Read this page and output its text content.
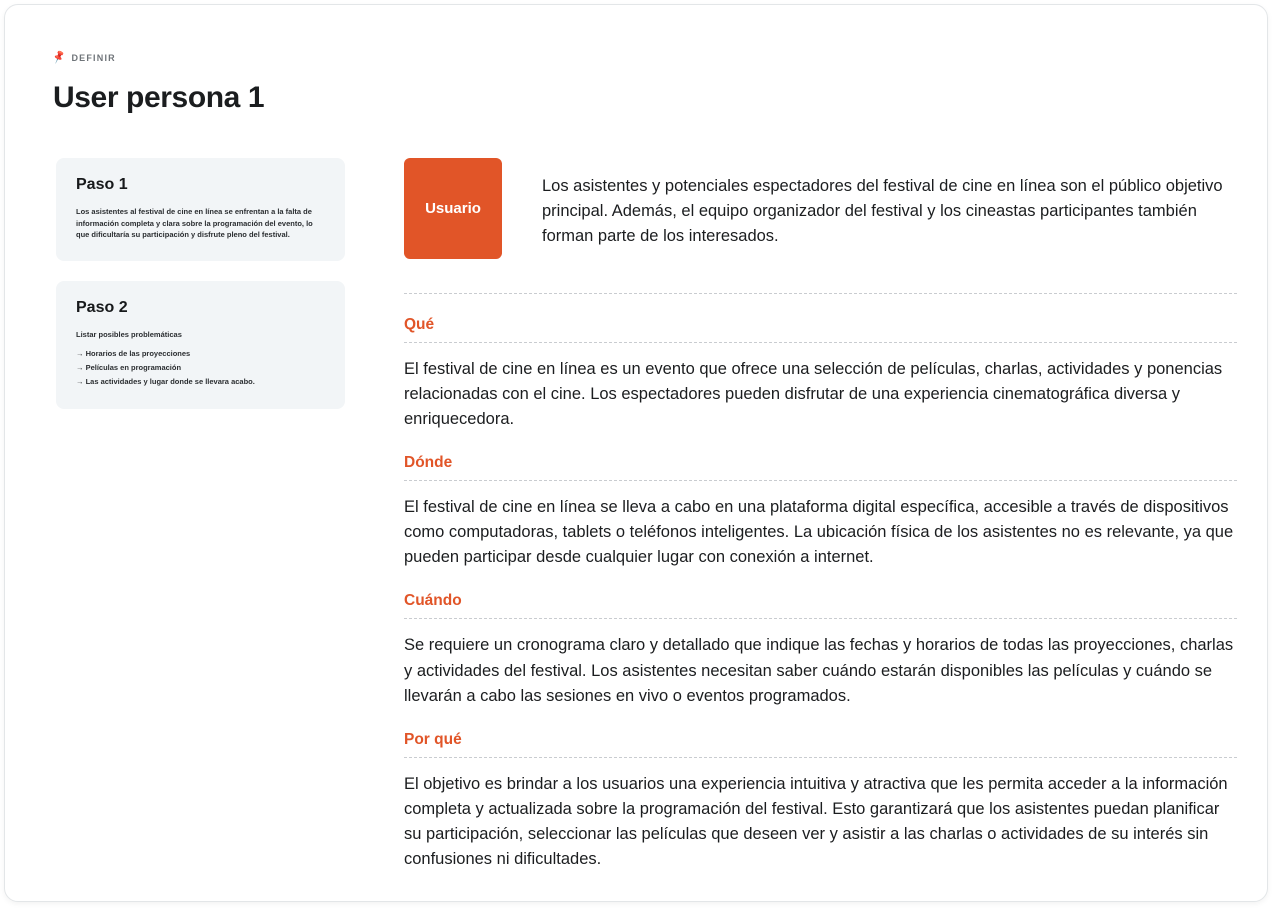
📌 DEFINIR
User persona 1
Paso 1

Los asistentes al festival de cine en línea se enfrentan a la falta de información completa y clara sobre la programación del evento, lo que dificultaría su participación y disfrute pleno del festival.

Paso 2

Listar posibles problemáticas

→ Horarios de las proyecciones
→ Películas en programación
→ Las actividades y lugar donde se llevara acabo.
Usuario

Los asistentes y potenciales espectadores del festival de cine en línea son el público objetivo principal. Además, el equipo organizador del festival y los cineastas participantes también forman parte de los interesados.

Qué

El festival de cine en línea es un evento que ofrece una selección de películas, charlas, actividades y ponencias relacionadas con el cine. Los espectadores pueden disfrutar de una experiencia cinematográfica diversa y enriquecedora.

Dónde

El festival de cine en línea se lleva a cabo en una plataforma digital específica, accesible a través de dispositivos como computadoras, tablets o teléfonos inteligentes. La ubicación física de los asistentes no es relevante, ya que pueden participar desde cualquier lugar con conexión a internet.

Cuándo

Se requiere un cronograma claro y detallado que indique las fechas y horarios de todas las proyecciones, charlas y actividades del festival. Los asistentes necesitan saber cuándo estarán disponibles las películas y cuándo se llevarán a cabo las sesiones en vivo o eventos programados.

Por qué

El objetivo es brindar a los usuarios una experiencia intuitiva y atractiva que les permita acceder a la información completa y actualizada sobre la programación del festival. Esto garantizará que los asistentes puedan planificar su participación, seleccionar las películas que deseen ver y asistir a las charlas o actividades de su interés sin confusiones ni dificultades.
